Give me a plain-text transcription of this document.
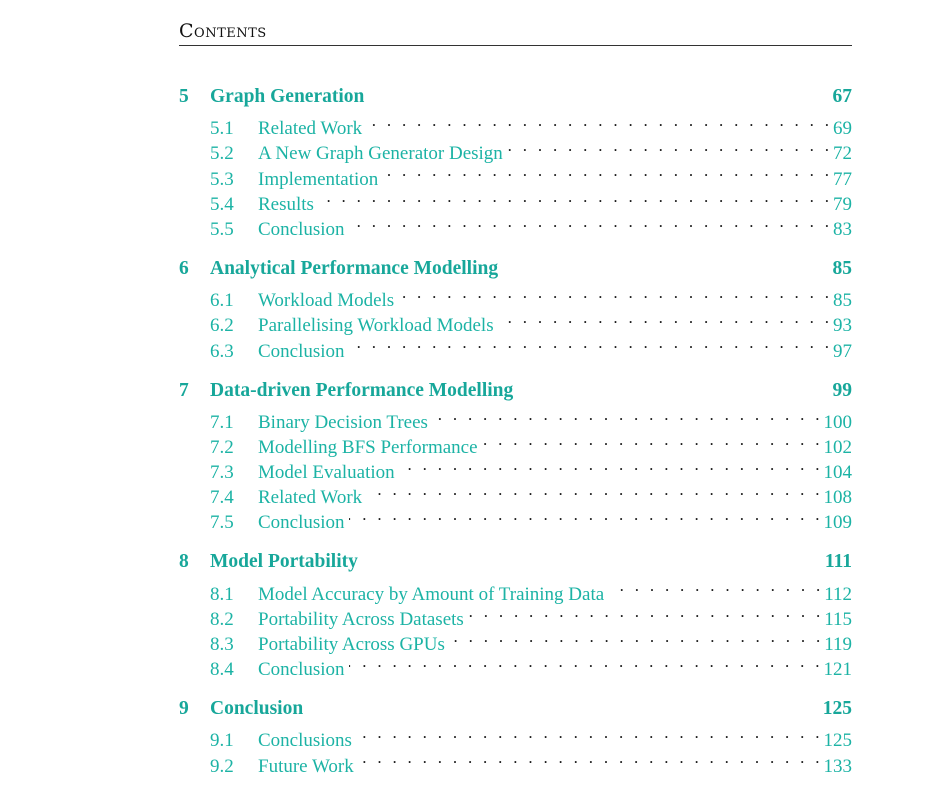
Contents
5	Graph Generation	67
5.1	Related Work . . .	69
5.2	A New Graph Generator Design . . .	72
5.3	Implementation . . .	77
5.4	Results . . .	79
5.5	Conclusion . . .	83
6	Analytical Performance Modelling	85
6.1	Workload Models . . .	85
6.2	Parallelising Workload Models . . .	93
6.3	Conclusion . . .	97
7	Data-driven Performance Modelling	99
7.1	Binary Decision Trees . . .	100
7.2	Modelling BFS Performance . . .	102
7.3	Model Evaluation . . .	104
7.4	Related Work . . .	108
7.5	Conclusion . . .	109
8	Model Portability	111
8.1	Model Accuracy by Amount of Training Data . . .	112
8.2	Portability Across Datasets . . .	115
8.3	Portability Across GPUs . . .	119
8.4	Conclusion . . .	121
9	Conclusion	125
9.1	Conclusions . . .	125
9.2	Future Work . . .	133
